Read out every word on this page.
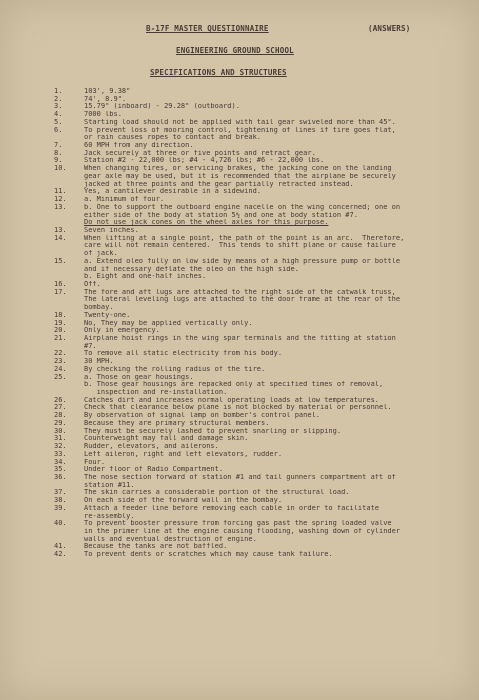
B-17F MASTER QUESTIONNAIRE	(ANSWERS)
ENGINEERING GROUND SCHOOL
SPECIFICATIONS AND STRUCTURES
1.	103', 9.38"
2.	74', 8.9".
3.	15.79" (inboard) - 29.28" (outboard).
4.	7000 lbs.
5.	Starting load should not be applied with tail gear swiveled more than 45°.
6.	To prevent loss of mooring control, tightening of lines if tire goes flat,
or rain causes ropes to contact and break.
7.	60 MPH from any direction.
8.	Jack securely at three or five points and retract gear.
9.	Station #2 - 22,000 lbs; #4 - 4,726 lbs; #6 - 22,000 lbs.
10. When changing tires, or servicing brakes, the jacking cone on the landing
gear axle may be used, but it is recommended that the airplane be securely
jacked at three points and the gear partially retracted instead.
11. Yes, a cantilever desirable in a sidewind.
12. a. Minimum of four.
13. b. One to support the outboard engine nacelle on the wing concerned; one on
either side of the body at station 5½ and one at body station #7.
Do not use jack cones on the wheel axles for this purpose.
13. Seven inches.
14. When lifting at a single point, the path of the point is an arc.  Therefore,
care will not remain centered.  This tends to shift plane or cause failure
of jack.
15. a. Extend oleo fully on low side by means of a high pressure pump or bottle
and if necessary deflate the oleo on the high side.
b. Eight and one-half inches.
16. Off.
17. The fore and aft lugs are attached to the right side of the catwalk truss,
The lateral leveling lugs are attached to the door frame at the rear of the
bombay.
18. Twenty-one.
19. No, They may be applied vertically only.
20. Only in emergency.
21. Airplane hoist rings in the wing spar terminals and the fitting at station
#7.
22. To remove all static electricity from his body.
23. 30 MPH.
24. By checking the rolling radius of the tire.
25. a. Those on gear housings.
b. Those gear housings are repacked only at specified times of removal,
inspection and re-installation.
26. Catches dirt and increases normal operating loads at low temperatures.
27. Check that clearance below plane is not blocked by material or personnel.
28. By observation of signal lamp on bomber's control panel.
29. Because they are primary structural members.
30. They must be securely lashed to prevent snarling or slipping.
31. Counterweight may fall and damage skin.
32. Rudder, elevators, and ailerons.
33. Left aileron, right and left elevators, rudder.
34. Four.
35. Under floor of Radio Compartment.
36. The nose section forward of station #1 and tail gunners compartment aft of
station #11.
37. The skin carries a considerable portion of the structural load.
38. On each side of the forward wall in the bombay.
39. Attach a feeder line before removing each cable in order to facilitate
re-assembly.
40. To prevent booster pressure from forcing gas past the spring loaded valve
in the primer line at the engine causing flooding, washing down of cylinder
walls and eventual destruction of engine.
41. Because the tanks are not baffled.
42. To prevent dents or scratches which may cause tank failure.
